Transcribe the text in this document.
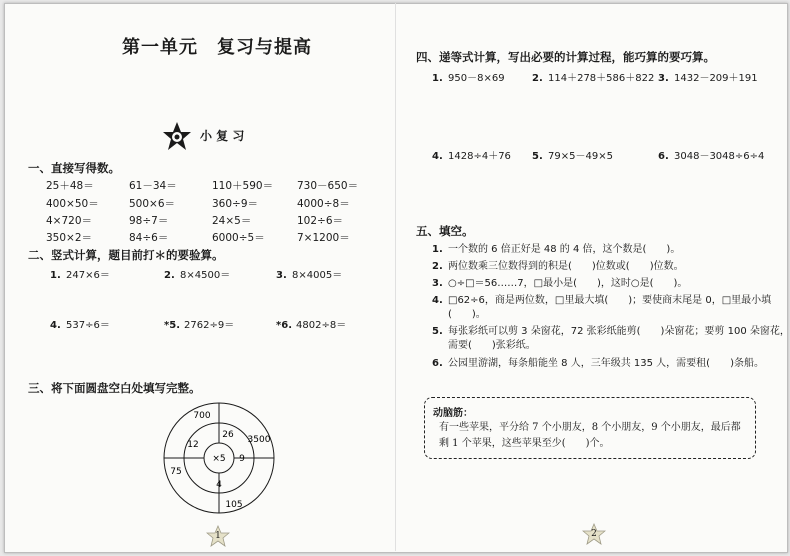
第一单元　复习与提高
小 复 习
一、直接写得数。
25＋48＝	61－34＝	110＋590＝ 730－650＝
400×50＝	500×6＝	360÷9＝	4000÷8＝
4×720＝	98÷7＝	24×5＝	102÷6＝
350×2＝	84÷6＝	6000÷5＝	7×1200＝
二、竖式计算，题目前打＊的要验算。
1. 247×6＝	2. 8×4500＝	3. 8×4005＝
4. 537÷6＝	*5. 2762÷9＝	*6. 4802÷8＝
三、将下面圆盘空白处填写完整。
×5
26
9
4
12
700
3500
105
75
1
四、递等式计算，写出必要的计算过程，能巧算的要巧算。
1. 950－8×69	2. 114＋278＋586＋822 3. 1432－209＋191
4. 1428÷4＋76 5. 79×5－49×5	6. 3048－3048÷6÷4
五、填空。
1. 一个数的 6 倍正好是 48 的 4 倍，这个数是(　　)。
2. 两位数乘三位数得到的积是(　　)位数或(　　)位数。
3. ○÷□＝56……7，□最小是(　　)，这时○是(　　)。
4. □62÷6，商是两位数，□里最大填(　　)；要使商末尾是 0，□里最小填
(　　)。
5. 每张彩纸可以剪 3 朵窗花，72 张彩纸能剪(　　)朵窗花；要剪 100 朵窗花，
需要(　　)张彩纸。
6. 公园里游湖，每条船能坐 8 人，三年级共 135 人，需要租(　　)条船。
动脑筋：
有一些苹果，平分给 7 个小朋友，8 个小朋友，9 个小朋友，最后都剩 1 个苹果，这些苹果至少(　　)个。
2
